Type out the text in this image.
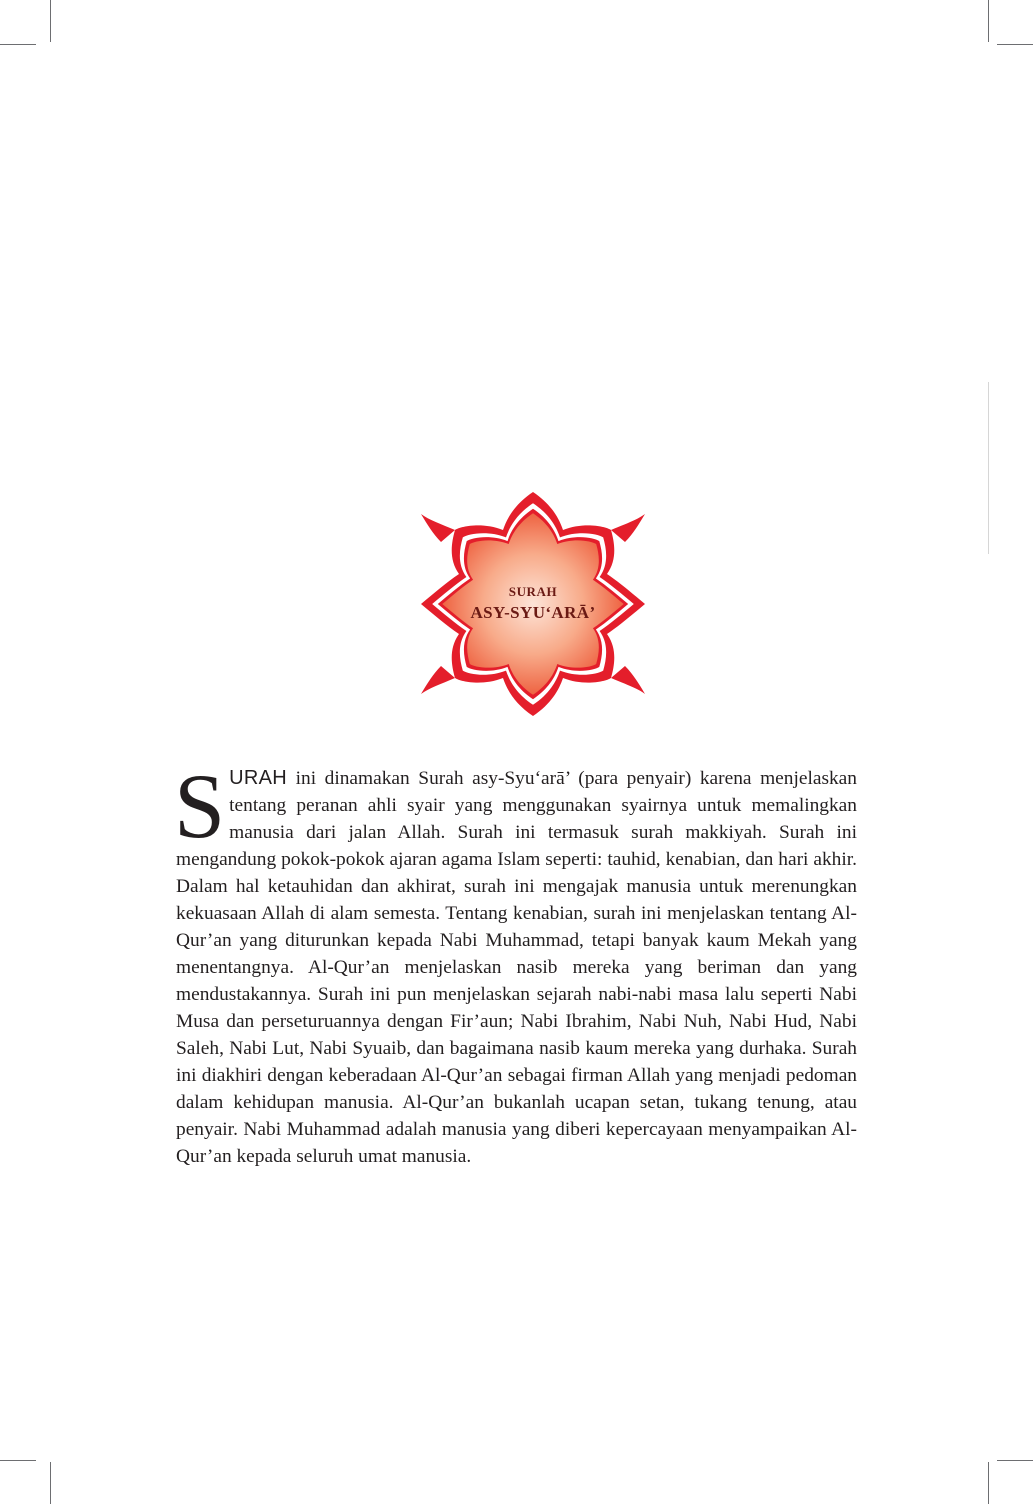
SURAH
ASY-SYU‘ARĀ’
SURAH ini dinamakan Surah asy-Syu‘arā’ (para penyair) karena menjelaskan tentang peranan ahli syair yang menggunakan syairnya untuk memalingkan manusia dari jalan Allah. Surah ini termasuk surah makkiyah. Surah ini mengandung pokok-pokok ajaran agama Islam seperti: tauhid, kenabian, dan hari akhir. Dalam hal ketauhidan dan akhirat, surah ini mengajak manusia untuk merenungkan kekuasaan Allah di alam semesta. Tentang kenabian, surah ini menjelaskan tentang Al-Qur’an yang diturunkan kepada Nabi Muhammad, tetapi banyak kaum Mekah yang menentangnya. Al-Qur’an menjelaskan nasib mereka yang beriman dan yang mendustakannya. Surah ini pun menjelaskan sejarah nabi-nabi masa lalu seperti Nabi Musa dan perseturuannya dengan Fir’aun; Nabi Ibrahim, Nabi Nuh, Nabi Hud, Nabi Saleh, Nabi Lut, Nabi Syuaib, dan bagaimana nasib kaum mereka yang durhaka. Surah ini diakhiri dengan keberadaan Al-Qur’an sebagai firman Allah yang menjadi pedoman dalam kehidupan manusia. Al-Qur’an bukanlah ucapan setan, tukang tenung, atau penyair. Nabi Muhammad adalah manusia yang diberi kepercayaan menyampaikan Al-Qur’an kepada seluruh umat manusia.
